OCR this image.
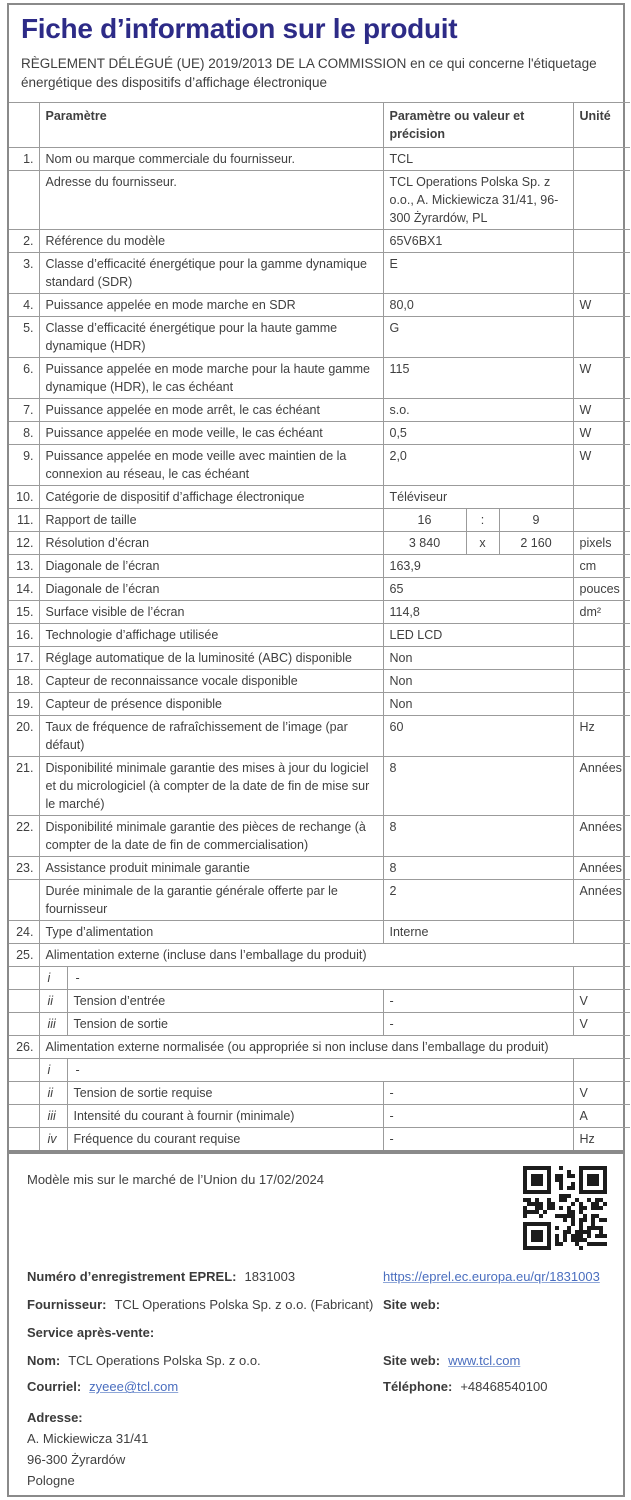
Fiche d’information sur le produit
RÈGLEMENT DÉLÉGUÉ (UE) 2019/2013 DE LA COMMISSION en ce qui concerne l'étiquetage énergétique des dispositifs d’affichage électronique
	Paramètre		Paramètre ou valeur et précision	Unité
1.	Nom ou marque commerciale du fournisseur.		TCL	
	Adresse du fournisseur.		TCL Operations Polska Sp. z o.o., A. Mickiewicza 31/41, 96-300 Żyrardów, PL	
2.	Référence du modèle		65V6BX1	
3.	Classe d’efficacité énergétique pour la gamme dynamique standard (SDR)		E	
4.	Puissance appelée en mode marche en SDR		80,0	W
5.	Classe d’efficacité énergétique pour la haute gamme dynamique (HDR)		G	
6.	Puissance appelée en mode marche pour la haute gamme dynamique (HDR), le cas échéant		115	W
7.	Puissance appelée en mode arrêt, le cas échéant		s.o.	W
8.	Puissance appelée en mode veille, le cas échéant		0,5	W
9.	Puissance appelée en mode veille avec maintien de la connexion au réseau, le cas échéant		2,0	W
10.	Catégorie de dispositif d’affichage électronique		Téléviseur	
11.	Rapport de taille		16 : 9	

12.	Résolution d’écran		3 840 x 2 160	pixels
13.	Diagonale de l’écran		163,9	cm
14.	Diagonale de l’écran		65	pouces
15.	Surface visible de l’écran		114,8	dm²
16.	Technologie d’affichage utilisée		LED LCD	
17.	Réglage automatique de la luminosité (ABC) disponible		Non	
18.	Capteur de reconnaissance vocale disponible		Non	
19.	Capteur de présence disponible		Non	
20.	Taux de fréquence de rafraîchissement de l’image (par défaut)		60	Hz
21.	Disponibilité minimale garantie des mises à jour du logiciel et du micrologiciel (à compter de la date de fin de mise sur le marché)		8	Années
22.	Disponibilité minimale garantie des pièces de rechange (à compter de la date de fin de commercialisation)		8	Années
23.	Assistance produit minimale garantie		8	Années
	Durée minimale de la garantie générale offerte par le fournisseur		2	Années
24.	Type d’alimentation		Interne	
25.	Alimentation externe (incluse dans l’emballage du produit)			
	i	-		
	ii	Tension d’entrée	-	V
	iii	Tension de sortie	-	V
26.	Alimentation externe normalisée (ou appropriée si non incluse dans l’emballage du produit)			
	i	-		
	ii	Tension de sortie requise	-	V
	iii	Intensité du courant à fournir (minimale)	-	A
	iv	Fréquence du courant requise	-	Hz
Modèle mis sur le marché de l’Union du 17/02/2024
Numéro d’enregistrement EPREL: 1831003	https://eprel.ec.europa.eu/qr/1831003
Fournisseur: TCL Operations Polska Sp. z o.o. (Fabricant) Site web:
Service après-vente:
Nom: TCL Operations Polska Sp. z o.o.	Site web: www.tcl.com
Courriel: zyeee@tcl.com	Téléphone: +48468540100
Adresse:
A. Mickiewicza 31/41
96-300 Żyrardów
Pologne
